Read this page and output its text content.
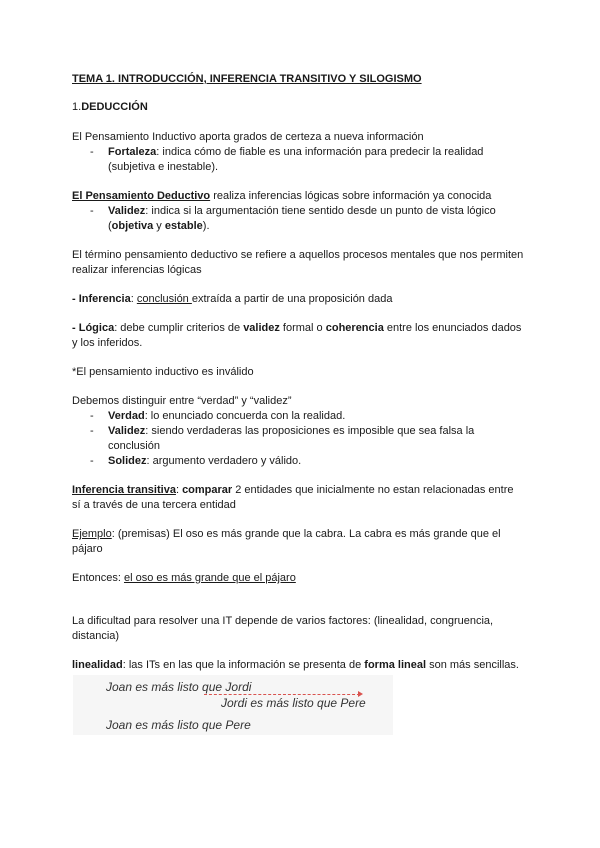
TEMA 1. INTRODUCCIÓN, INFERENCIA TRANSITIVO Y SILOGISMO
1.DEDUCCIÓN
El Pensamiento Inductivo aporta grados de certeza a nueva información
- Fortaleza: indica cómo de fiable es una información para predecir la realidad
(subjetiva e inestable).
El Pensamiento Deductivo realiza inferencias lógicas sobre información ya conocida
- Validez: indica si la argumentación tiene sentido desde un punto de vista lógico
(objetiva y estable).
El término pensamiento deductivo se refiere a aquellos procesos mentales que nos permiten
realizar inferencias lógicas
- Inferencia: conclusión extraída a partir de una proposición dada
- Lógica: debe cumplir criterios de validez formal o coherencia entre los enunciados dados
y los inferidos.
*El pensamiento inductivo es inválido
Debemos distinguir entre “verdad” y “validez”
- Verdad: lo enunciado concuerda con la realidad.
- Validez: siendo verdaderas las proposiciones es imposible que sea falsa la
conclusión
- Solidez: argumento verdadero y válido.
Inferencia transitiva: comparar 2 entidades que inicialmente no estan relacionadas entre
sí a través de una tercera entidad
Ejemplo: (premisas) El oso es más grande que la cabra. La cabra es más grande que el
pájaro
Entonces: el oso es más grande que el pájaro
La dificultad para resolver una IT depende de varios factores: (linealidad, congruencia,
distancia)
linealidad: las ITs en las que la información se presenta de forma lineal son más sencillas.
Joan es más listo que Jordi
Jordi es más listo que Pere
Joan es más listo que Pere
